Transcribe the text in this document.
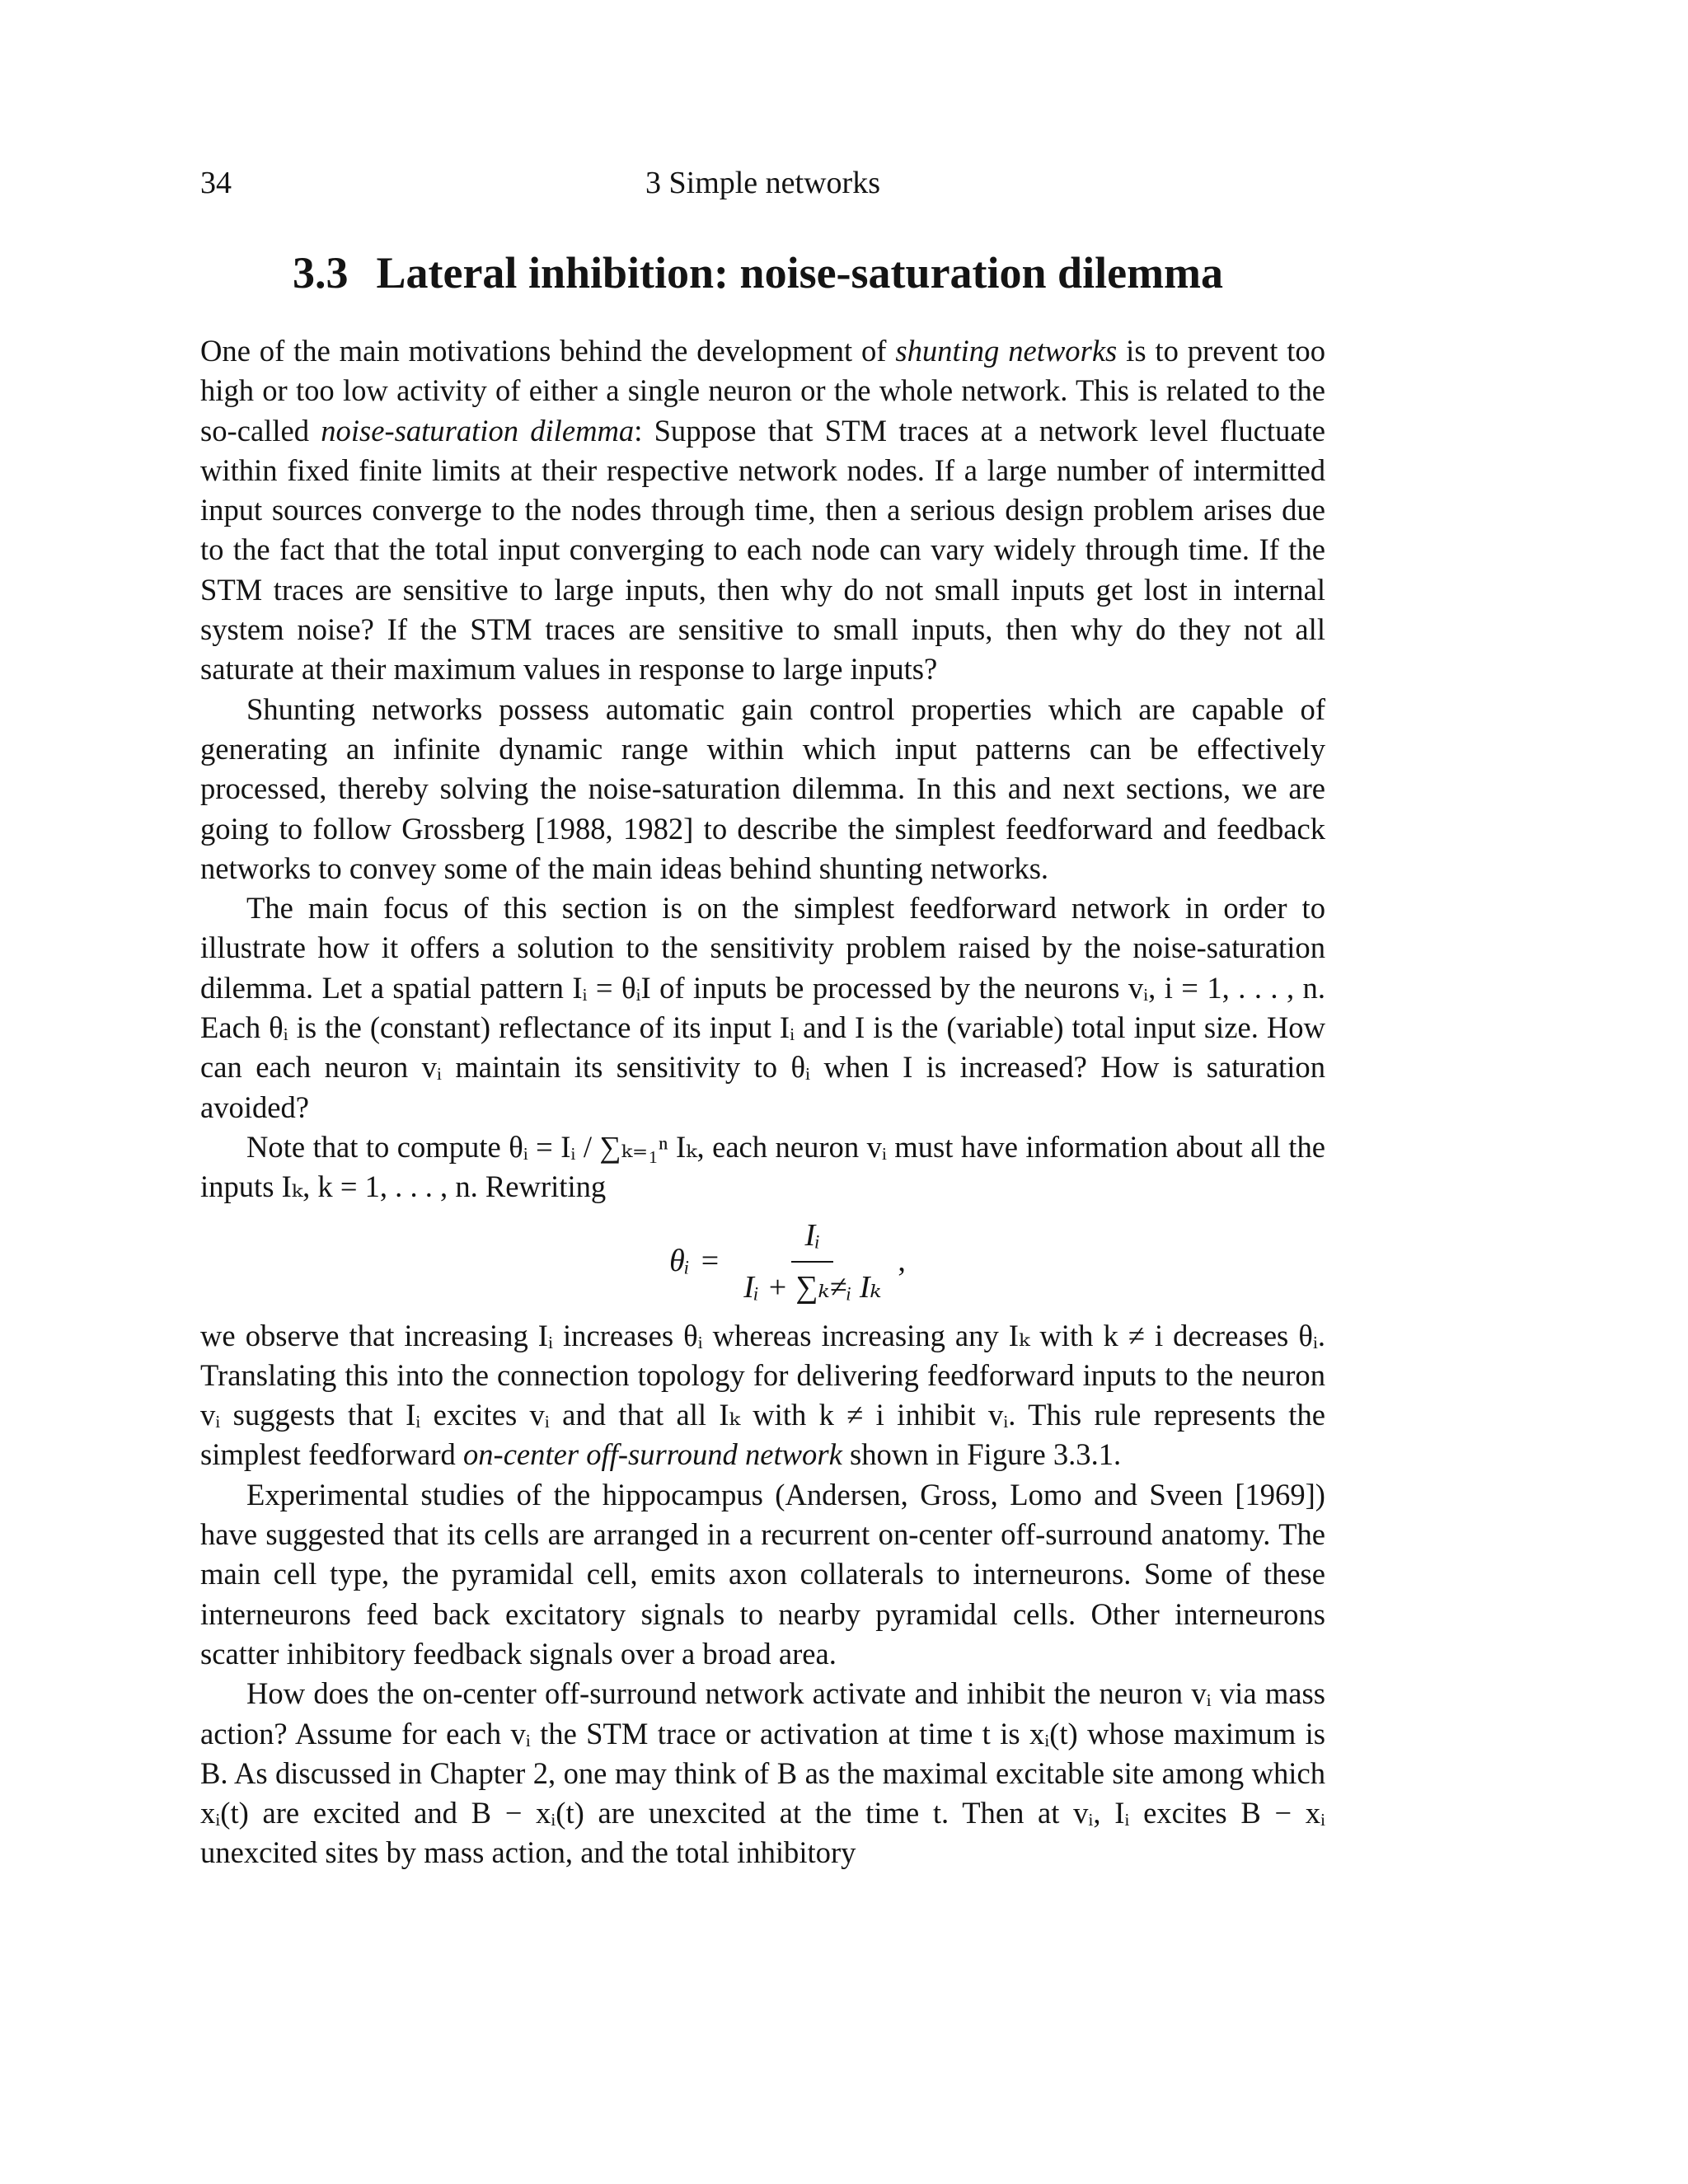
34	3 Simple networks
3.3 Lateral inhibition: noise-saturation dilemma

One of the main motivations behind the development of shunting networks is to prevent too high or too low activity of either a single neuron or the whole network. This is related to the so-called noise-saturation dilemma: Suppose that STM traces at a network level fluctuate within fixed finite limits at their respective network nodes. If a large number of intermitted input sources converge to the nodes through time, then a serious design problem arises due to the fact that the total input converging to each node can vary widely through time. If the STM traces are sensitive to large inputs, then why do not small inputs get lost in internal system noise? If the STM traces are sensitive to small inputs, then why do they not all saturate at their maximum values in response to large inputs?

Shunting networks possess automatic gain control properties which are capable of generating an infinite dynamic range within which input patterns can be effectively processed, thereby solving the noise-saturation dilemma. In this and next sections, we are going to follow Grossberg [1988, 1982] to describe the simplest feedforward and feedback networks to convey some of the main ideas behind shunting networks.

The main focus of this section is on the simplest feedforward network in order to illustrate how it offers a solution to the sensitivity problem raised by the noise-saturation dilemma. Let a spatial pattern Iᵢ = θᵢI of inputs be processed by the neurons vᵢ, i = 1, . . . , n. Each θᵢ is the (constant) reflectance of its input Iᵢ and I is the (variable) total input size. How can each neuron vᵢ maintain its sensitivity to θᵢ when I is increased? How is saturation avoided?

Note that to compute θᵢ = Iᵢ / ∑ₖ₌₁ⁿ Iₖ, each neuron vᵢ must have information about all the inputs Iₖ, k = 1, . . . , n. Rewriting

θᵢ = $\frac{\text{Iᵢ}}{\text{Iᵢ + ∑ₖ≠ᵢ Iₖ}}$ ,

we observe that increasing Iᵢ increases θᵢ whereas increasing any Iₖ with k ≠ i decreases θᵢ. Translating this into the connection topology for delivering feedforward inputs to the neuron vᵢ suggests that Iᵢ excites vᵢ and that all Iₖ with k ≠ i inhibit vᵢ. This rule represents the simplest feedforward on-center off-surround network shown in Figure 3.3.1.

Experimental studies of the hippocampus (Andersen, Gross, Lomo and Sveen [1969]) have suggested that its cells are arranged in a recurrent on-center off-surround anatomy. The main cell type, the pyramidal cell, emits axon collaterals to interneurons. Some of these interneurons feed back excitatory signals to nearby pyramidal cells. Other interneurons scatter inhibitory feedback signals over a broad area.

How does the on-center off-surround network activate and inhibit the neuron vᵢ via mass action? Assume for each vᵢ the STM trace or activation at time t is xᵢ(t) whose maximum is B. As discussed in Chapter 2, one may think of B as the maximal excitable site among which xᵢ(t) are excited and B − xᵢ(t) are unexcited at the time t. Then at vᵢ, Iᵢ excites B − xᵢ unexcited sites by mass action, and the total inhibitory
